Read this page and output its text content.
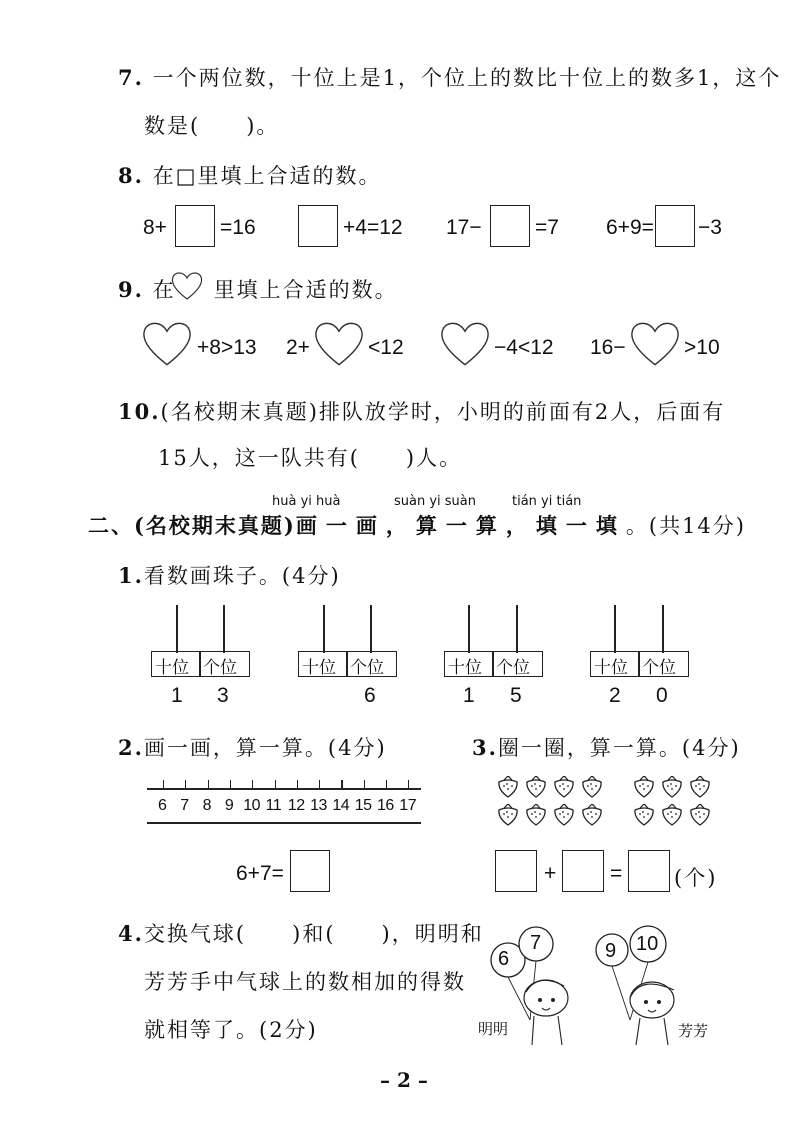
7. 一个两位数，十位上是1，个位上的数比十位上的数多1，这个
数是(　　)。
8. 在□里填上合适的数。
8+	=16	+4=12 17−	=7 6+9= −3
9. 在 里填上合适的数。
+8>13 2+	<12	−4<12 16−	>10
10.(名校期末真题)排队放学时，小明的前面有2人，后面有
15人，这一队共有(　　)人。
huà yi huà	suàn yi suàn	tián yi tián
二、(名校期末真题)画一画，算一算，填一填。(共14分)
1.看数画珠子。(4分)
十位 个位
1 3
十位 个位
6
十位 个位
1 5
十位 个位
2 0
2.画一画，算一算。(4分)
6 7 8 9 10 11 12 13 14 15 16 17
6+7=
3.圈一圈，算一算。(4分)
+	= (个)
4.交换气球(　　)和(　　)，明明和
芳芳手中气球上的数相加的得数
就相等了。(2分)
6
7
明明
9 10
芳芳
– 2 –
